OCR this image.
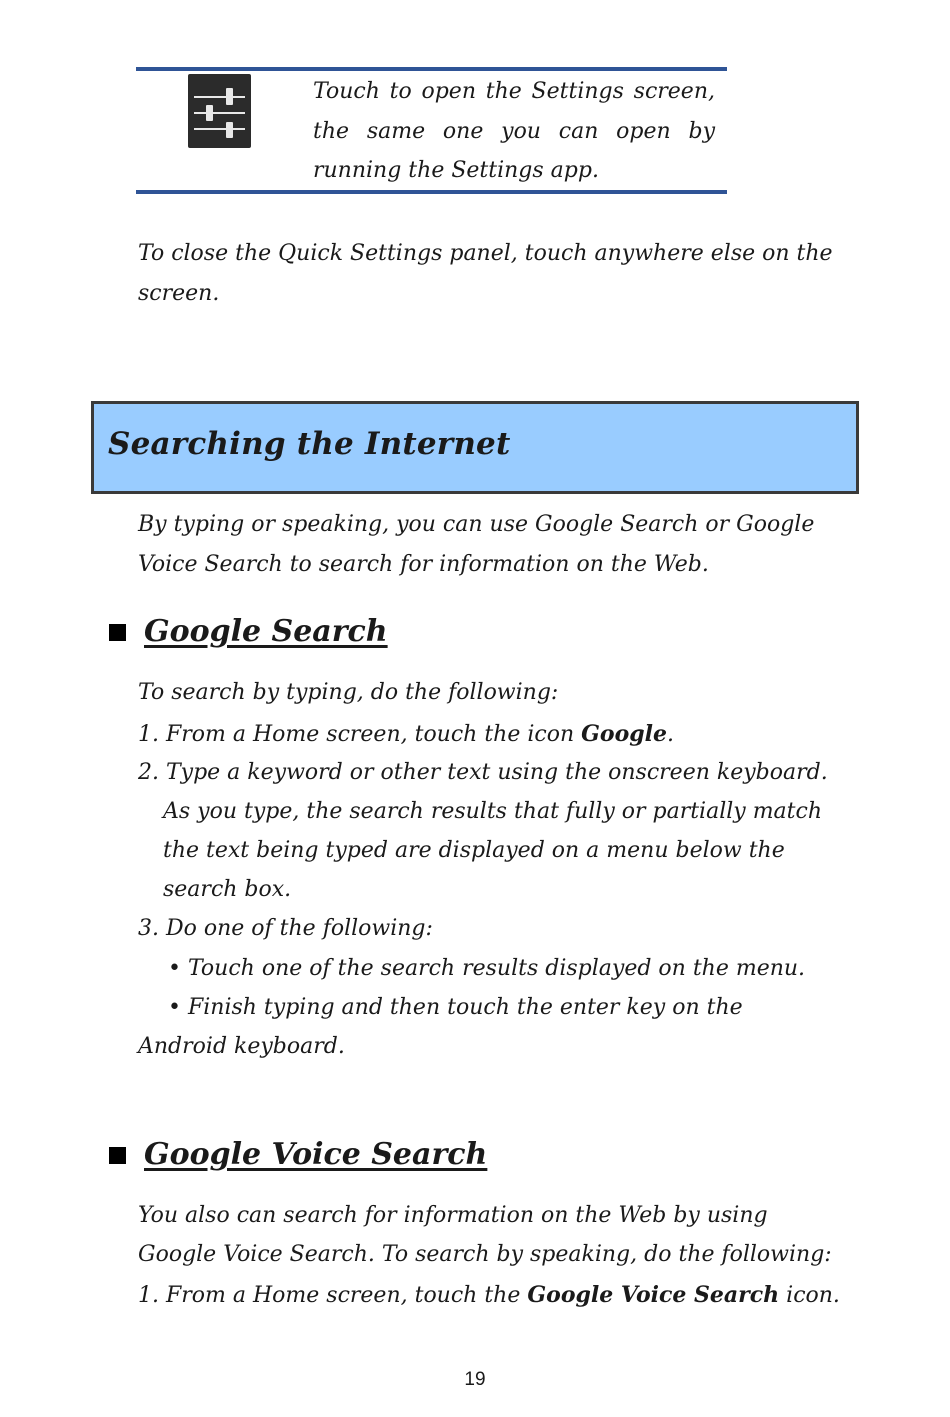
Touch to open the Settings screen, the same one you can open by running the Settings app.
To close the Quick Settings panel, touch anywhere else on the
screen.
Searching the Internet
By typing or speaking, you can use Google Search or Google
Voice Search to search for information on the Web.
Google Search
To search by typing, do the following:
1. From a Home screen, touch the icon Google.
2. Type a keyword or other text using the onscreen keyboard.
As you type, the search results that fully or partially match
the text being typed are displayed on a menu below the
search box.
3. Do one of the following:
• Touch one of the search results displayed on the menu.
• Finish typing and then touch the enter key on the
Android keyboard.
Google Voice Search
You also can search for information on the Web by using
Google Voice Search. To search by speaking, do the following:
1. From a Home screen, touch the Google Voice Search icon.
19
